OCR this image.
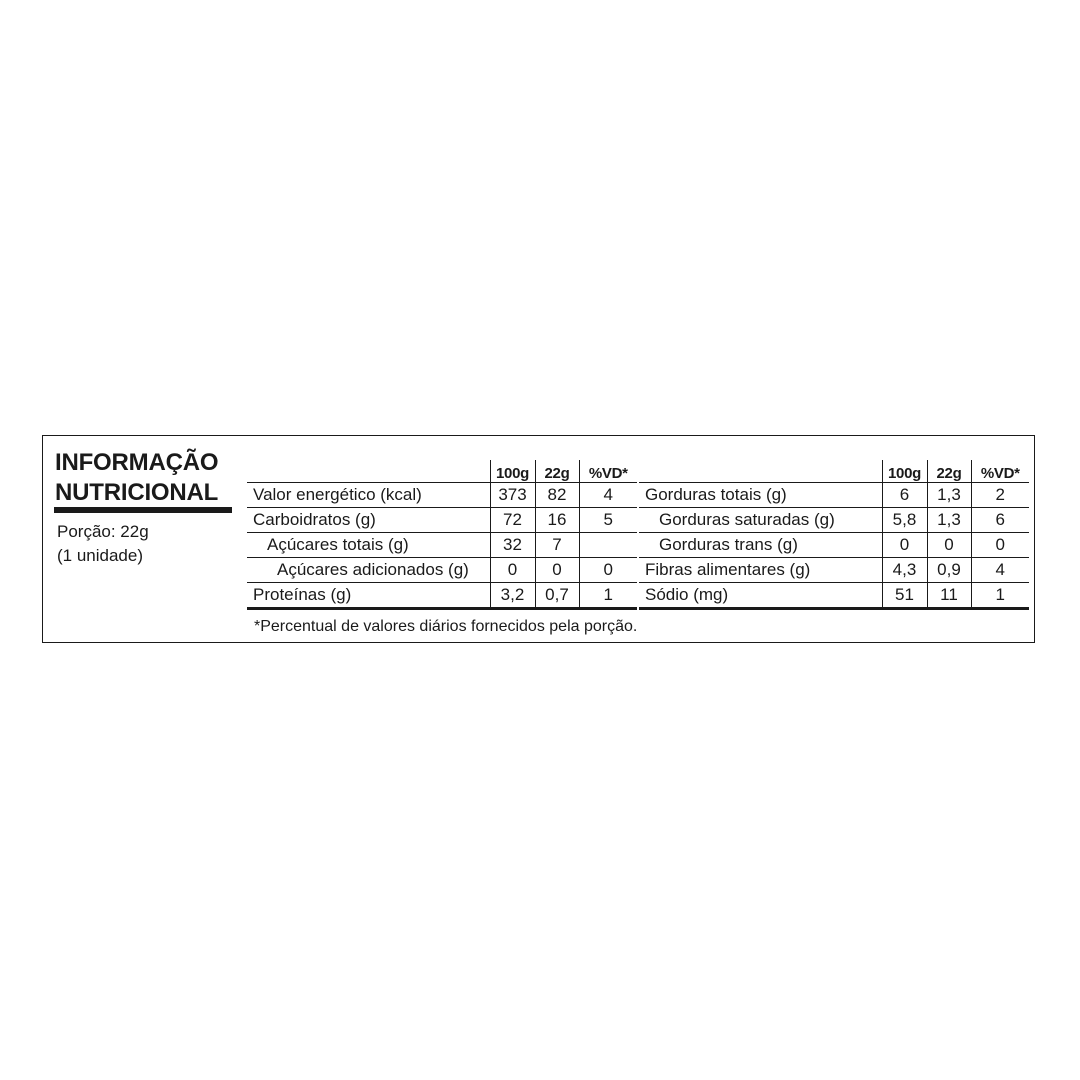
INFORMAÇÃO
NUTRICIONAL
Porção: 22g
(1 unidade)
	100g	22g	%VD*
Valor energético (kcal)	373	82	4
Carboidratos (g)	72	16	5
Açúcares totais (g)	32	7	
Açúcares adicionados (g)	0	0	0
Proteínas (g)	3,2	0,7	1
	100g	22g	%VD*
Gorduras totais (g)	6	1,3	2
Gorduras saturadas (g)	5,8	1,3	6
Gorduras trans (g)	0	0	0
Fibras alimentares (g)	4,3	0,9	4
Sódio (mg)	51	11	1
*Percentual de valores diários fornecidos pela porção.
